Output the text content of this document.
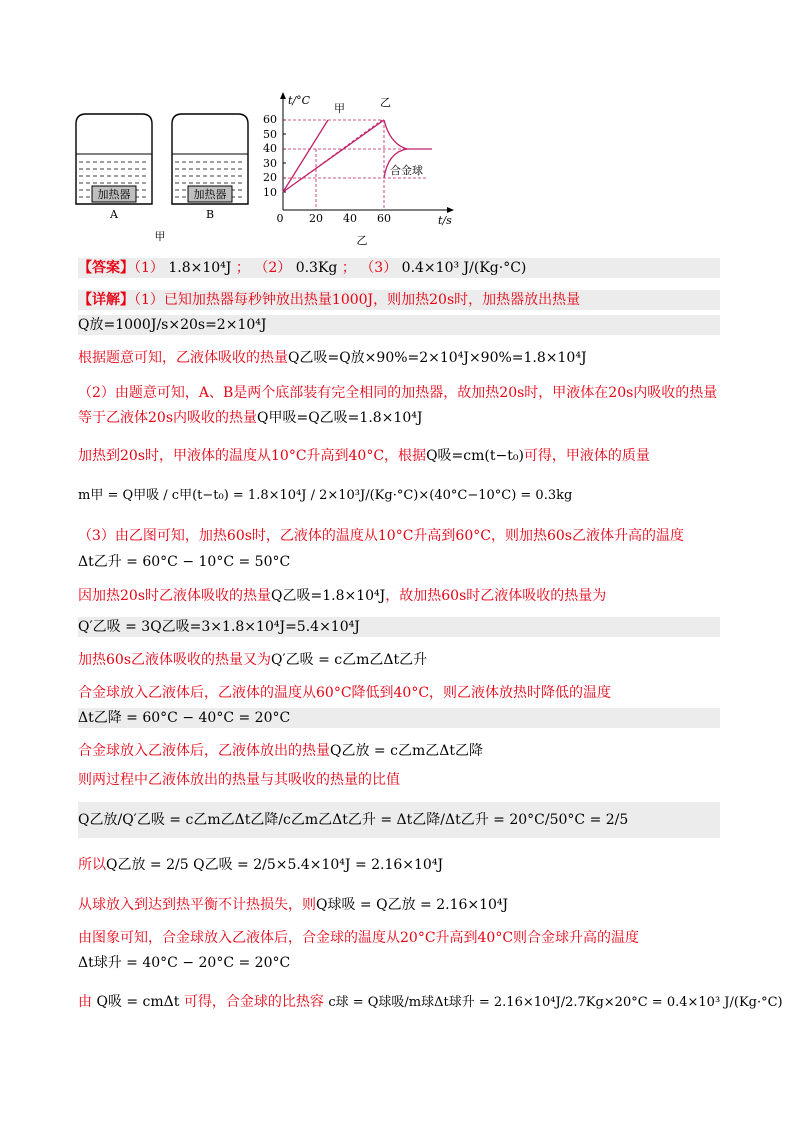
加热器
A
加热器
B
甲
t/°C
t/s
10
20
30
40
50
60
0 20 40 60
甲	乙
合金球
乙
【答案】（1） 1.8×10⁴J ； （2） 0.3Kg ； （3） 0.4×10³ J/(Kg·°C)
【详解】（1）已知加热器每秒钟放出热量1000J，则加热20s时，加热器放出热量
Q放=1000J/s×20s=2×10⁴J
根据题意可知，乙液体吸收的热量Q乙吸=Q放×90%=2×10⁴J×90%=1.8×10⁴J
（2）由题意可知，A、B是两个底部装有完全相同的加热器，故加热20s时，甲液体在20s内吸收的热量
等于乙液体20s内吸收的热量Q甲吸=Q乙吸=1.8×10⁴J
加热到20s时，甲液体的温度从10°C升高到40°C，根据Q吸=cm(t−t₀)可得，甲液体的质量
m甲 = Q甲吸 / c甲(t−t₀) = 1.8×10⁴J / 2×10³J/(Kg·°C)×(40°C−10°C) = 0.3kg
（3）由乙图可知，加热60s时，乙液体的温度从10°C升高到60°C，则加热60s乙液体升高的温度
Δt乙升 = 60°C − 10°C = 50°C
因加热20s时乙液体吸收的热量Q乙吸=1.8×10⁴J，故加热60s时乙液体吸收的热量为
Q′乙吸 = 3Q乙吸=3×1.8×10⁴J=5.4×10⁴J
加热60s乙液体吸收的热量又为Q′乙吸 = c乙m乙Δt乙升
合金球放入乙液体后，乙液体的温度从60°C降低到40°C，则乙液体放热时降低的温度
Δt乙降 = 60°C − 40°C = 20°C
合金球放入乙液体后，乙液体放出的热量Q乙放 = c乙m乙Δt乙降
则两过程中乙液体放出的热量与其吸收的热量的比值
Q乙放/Q′乙吸 = c乙m乙Δt乙降/c乙m乙Δt乙升 = Δt乙降/Δt乙升 = 20°C/50°C = 2/5
所以Q乙放 = 2/5 Q乙吸 = 2/5×5.4×10⁴J = 2.16×10⁴J
从球放入到达到热平衡不计热损失，则Q球吸 = Q乙放 = 2.16×10⁴J
由图象可知，合金球放入乙液体后，合金球的温度从20°C升高到40°C则合金球升高的温度
Δt球升 = 40°C − 20°C = 20°C
由 Q吸 = cmΔt 可得，合金球的比热容 c球 = Q球吸/m球Δt球升 = 2.16×10⁴J/2.7Kg×20°C = 0.4×10³ J/(Kg·°C)
